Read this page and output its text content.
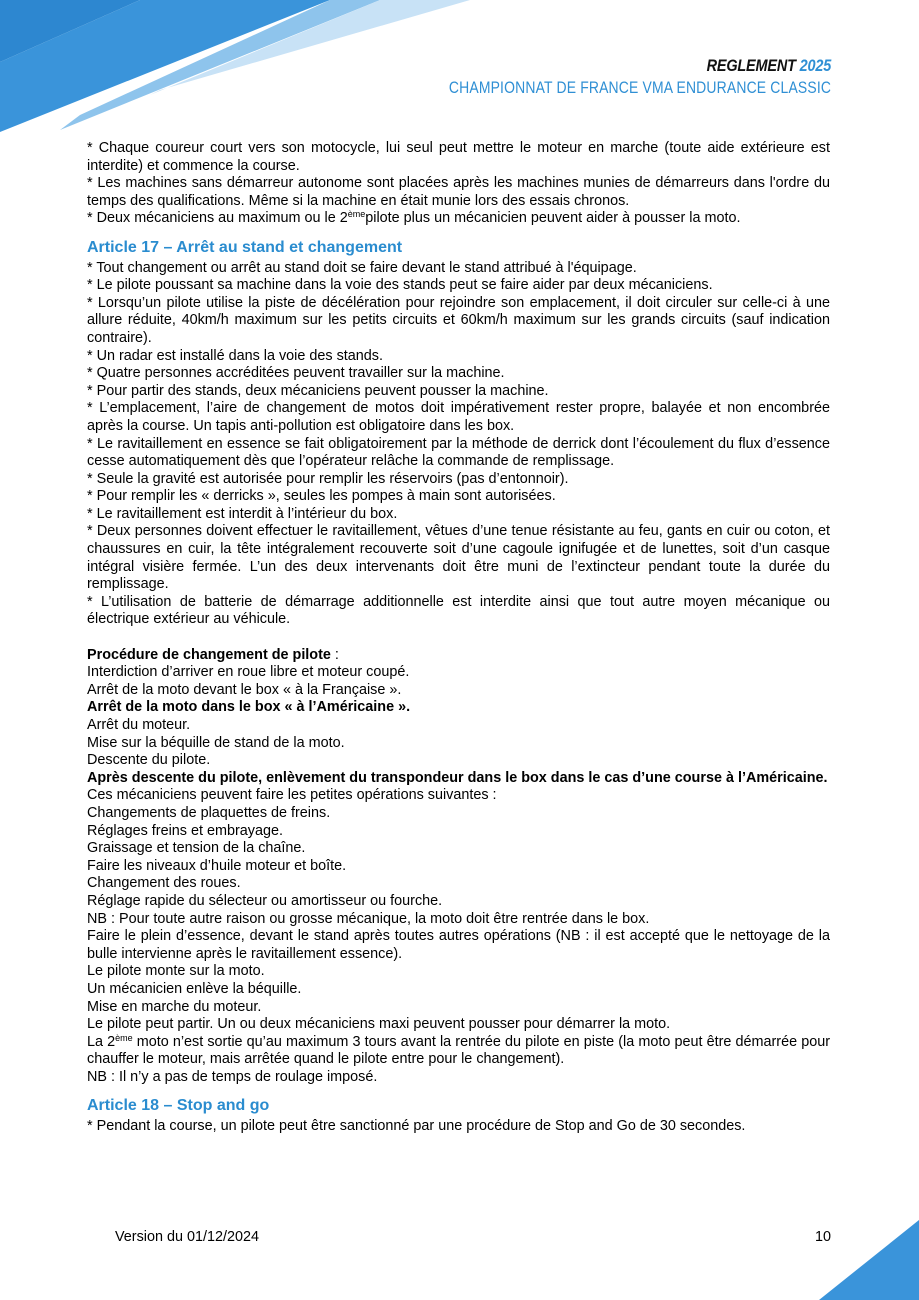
REGLEMENT 2025
CHAMPIONNAT DE FRANCE VMA ENDURANCE CLASSIC

* Chaque coureur court vers son motocycle, lui seul peut mettre le moteur en marche (toute aide extérieure est interdite) et commence la course.

* Les machines sans démarreur autonome sont placées après les machines munies de démarreurs dans l'ordre du temps des qualifications. Même si la machine en était munie lors des essais chronos.

* Deux mécaniciens au maximum ou le 2èmepilote plus un mécanicien peuvent aider à pousser la moto.

Article 17 – Arrêt au stand et changement

* Tout changement ou arrêt au stand doit se faire devant le stand attribué à l'équipage.

* Le pilote poussant sa machine dans la voie des stands peut se faire aider par deux mécaniciens.

* Lorsqu’un pilote utilise la piste de décélération pour rejoindre son emplacement, il doit circuler sur celle-ci à une allure réduite, 40km/h maximum sur les petits circuits et 60km/h maximum sur les grands circuits (sauf indication contraire).

* Un radar est installé dans la voie des stands.

* Quatre personnes accréditées peuvent travailler sur la machine.

* Pour partir des stands, deux mécaniciens peuvent pousser la machine.

* L’emplacement, l’aire de changement de motos doit impérativement rester propre, balayée et non encombrée après la course. Un tapis anti-pollution est obligatoire dans les box.

* Le ravitaillement en essence se fait obligatoirement par la méthode de derrick dont l’écoulement du flux d’essence cesse automatiquement dès que l’opérateur relâche la commande de remplissage.

* Seule la gravité est autorisée pour remplir les réservoirs (pas d’entonnoir).

* Pour remplir les « derricks », seules les pompes à main sont autorisées.

* Le ravitaillement est interdit à l’intérieur du box.

* Deux personnes doivent effectuer le ravitaillement, vêtues d’une tenue résistante au feu, gants en cuir ou coton, et chaussures en cuir, la tête intégralement recouverte soit d’une cagoule ignifugée et de lunettes, soit d’un casque intégral visière fermée. L’un des deux intervenants doit être muni de l’extincteur pendant toute la durée du remplissage.

* L’utilisation de batterie de démarrage additionnelle est interdite ainsi que tout autre moyen mécanique ou électrique extérieur au véhicule.

Procédure de changement de pilote :

Interdiction d’arriver en roue libre et moteur coupé.

Arrêt de la moto devant le box « à la Française ».

Arrêt de la moto dans le box « à l’Américaine ».

Arrêt du moteur.

Mise sur la béquille de stand de la moto.

Descente du pilote.

Après descente du pilote, enlèvement du transpondeur dans le box dans le cas d’une course à l’Américaine.

Ces mécaniciens peuvent faire les petites opérations suivantes :

Changements de plaquettes de freins.

Réglages freins et embrayage.

Graissage et tension de la chaîne.

Faire les niveaux d’huile moteur et boîte.

Changement des roues.

Réglage rapide du sélecteur ou amortisseur ou fourche.

NB : Pour toute autre raison ou grosse mécanique, la moto doit être rentrée dans le box.

Faire le plein d’essence, devant le stand après toutes autres opérations (NB : il est accepté que le nettoyage de la bulle intervienne après le ravitaillement essence).

Le pilote monte sur la moto.

Un mécanicien enlève la béquille.

Mise en marche du moteur.

Le pilote peut partir. Un ou deux mécaniciens maxi peuvent pousser pour démarrer la moto.

La 2ème moto n’est sortie qu’au maximum 3 tours avant la rentrée du pilote en piste (la moto peut être démarrée pour chauffer le moteur, mais arrêtée quand le pilote entre pour le changement).

NB : Il n’y a pas de temps de roulage imposé.

Article 18 – Stop and go

* Pendant la course, un pilote peut être sanctionné par une procédure de Stop and Go de 30 secondes.

Version du 01/12/2024	10
